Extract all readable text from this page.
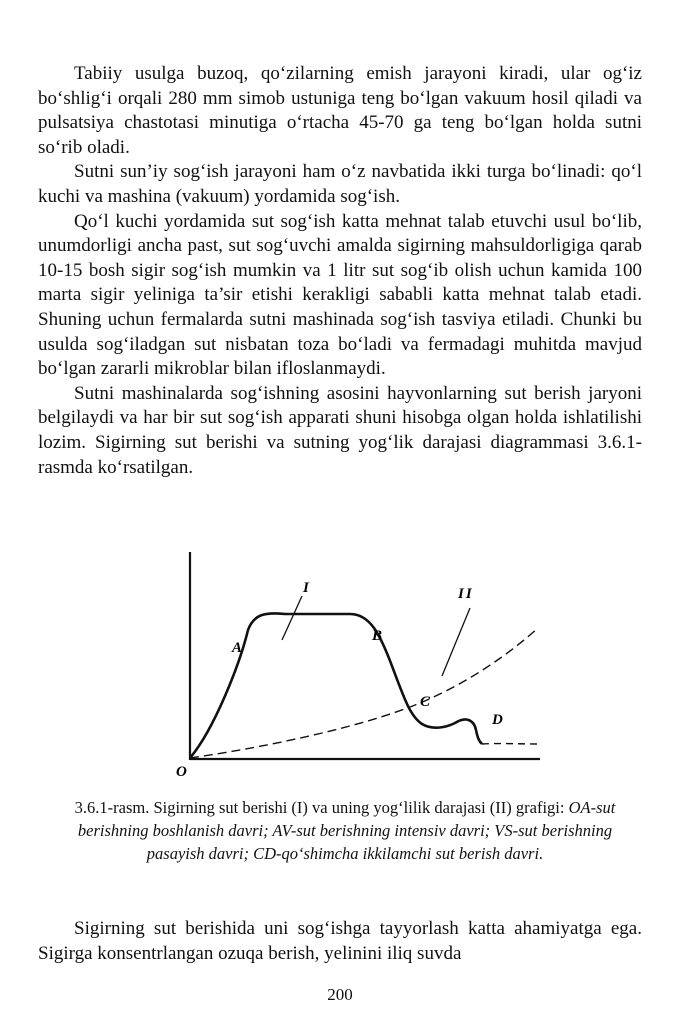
Tabiiy usulga buzoq, qo‘zilarning emish jarayoni kiradi, ular og‘iz bo‘shlig‘i orqali 280 mm simob ustuniga teng bo‘lgan vakuum hosil qiladi va pulsatsiya chastotasi minutiga o‘rtacha 45-70 ga teng bo‘lgan holda sutni so‘rib oladi.

Sutni sun’iy sog‘ish jarayoni ham o‘z navbatida ikki turga bo‘linadi: qo‘l kuchi va mashina (vakuum) yordamida sog‘ish.

Qo‘l kuchi yordamida sut sog‘ish katta mehnat talab etuvchi usul bo‘lib, unumdorligi ancha past, sut sog‘uvchi amalda sigirning mahsuldorligiga qarab 10-15 bosh sigir sog‘ish mumkin va 1 litr sut sog‘ib olish uchun kamida 100 marta sigir yeliniga ta’sir etishi kerakligi sababli katta mehnat talab etadi. Shuning uchun fermalarda sutni mashinada sog‘ish tasviya etiladi. Chunki bu usulda sog‘iladgan sut nisbatan toza bo‘ladi va fermadagi muhitda mavjud bo‘lgan zararli mikroblar bilan ifloslanmaydi.

Sutni mashinalarda sog‘ishning asosini hayvonlarning sut berish jaryoni belgilaydi va har bir sut sog‘ish apparati shuni hisobga olgan holda ishlatilishi lozim. Sigirning sut berishi va sutning yog‘lik darajasi diagrammasi 3.6.1-rasmda ko‘rsatilgan.

O
A
B
C
D
I	II
3.6.1-rasm. Sigirning sut berishi (I) va uning yog‘lilik darajasi (II) grafigi: OA-sut berishning boshlanish davri; AV-sut berishning intensiv davri; VS-sut berishning pasayish davri; CD-qo‘shimcha ikkilamchi sut berish davri.

Sigirning sut berishida uni sog‘ishga tayyorlash katta ahamiyatga ega. Sigirga konsentrlangan ozuqa berish, yelinini iliq suvda

200
